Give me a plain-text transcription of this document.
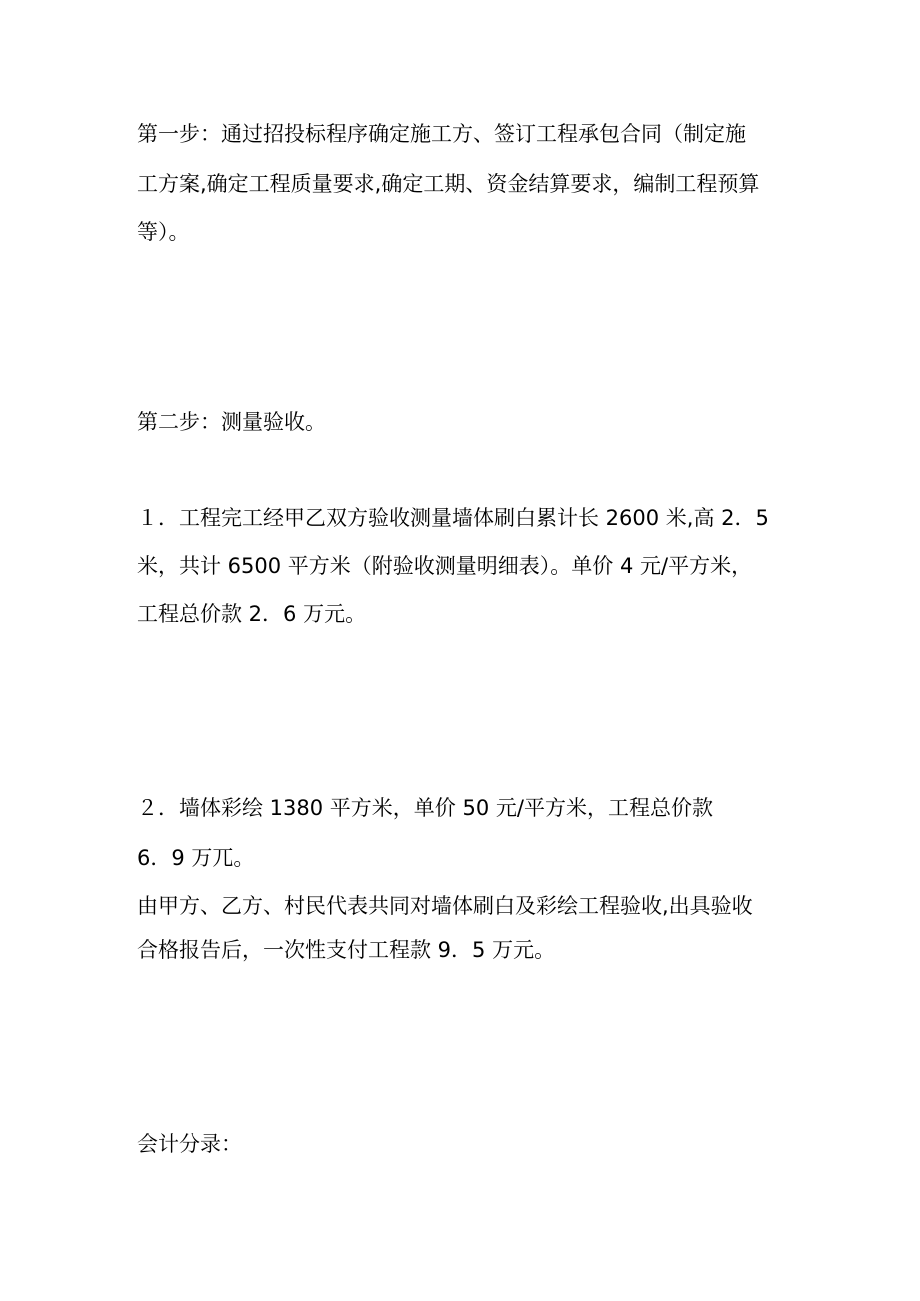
第一步：通过招投标程序确定施工方、签订工程承包合同（制定施

工方案,确定工程质量要求,确定工期、资金结算要求，编制工程预算

等）。

第二步：测量验收。

１．工程完工经甲乙双方验收测量墙体刷白累计长 2600 米,高 2．5

米，共计 6500 平方米（附验收测量明细表）。单价 4 元/平方米，

工程总价款 2．6 万元。

２．墙体彩绘 1380 平方米，单价 50 元/平方米，工程总价款

6．9 万兀。

由甲方、乙方、村民代表共同对墙体刷白及彩绘工程验收,出具验收

合格报告后，一次性支付工程款 9．5 万元。

会计分录：
